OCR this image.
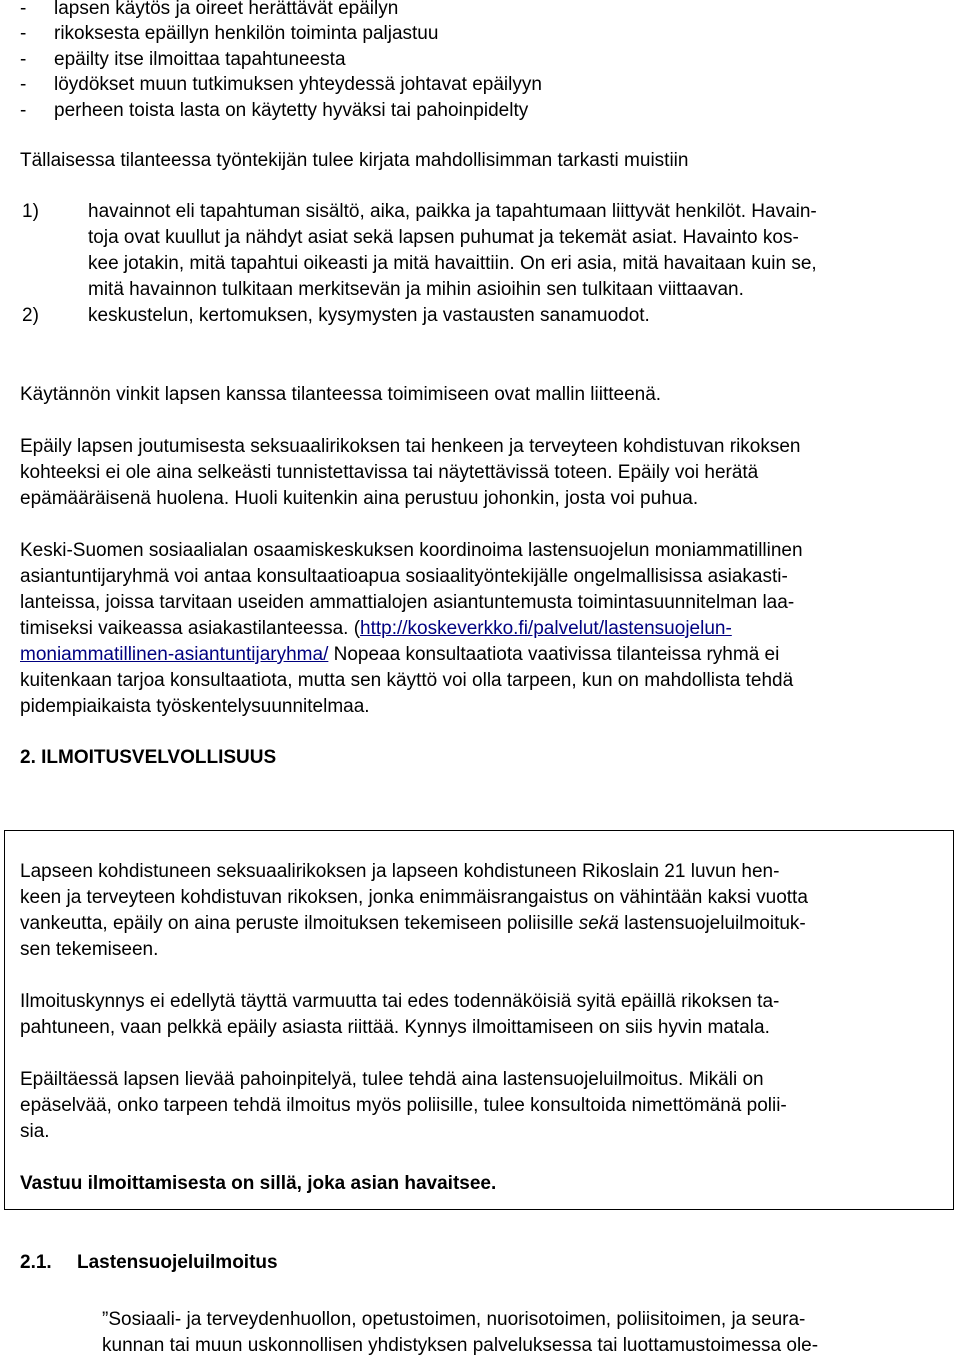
- lapsen käytös ja oireet herättävät epäilyn
- rikoksesta epäillyn henkilön toiminta paljastuu
- epäilty itse ilmoittaa tapahtuneesta
- löydökset muun tutkimuksen yhteydessä johtavat epäilyyn
- perheen toista lasta on käytetty hyväksi tai pahoinpidelty
Tällaisessa tilanteessa työntekijän tulee kirjata mahdollisimman tarkasti muistiin
1)	havainnot eli tapahtuman sisältö, aika, paikka ja tapahtumaan liittyvät henkilöt. Havain-
toja ovat kuullut ja nähdyt asiat sekä lapsen puhumat ja tekemät asiat. Havainto kos-
kee jotakin, mitä tapahtui oikeasti ja mitä havaittiin. On eri asia, mitä havaitaan kuin se,
mitä havainnon tulkitaan merkitsevän ja mihin asioihin sen tulkitaan viittaavan.
2)	keskustelun, kertomuksen, kysymysten ja vastausten sanamuodot.
Käytännön vinkit lapsen kanssa tilanteessa toimimiseen ovat mallin liitteenä.
Epäily lapsen joutumisesta seksuaalirikoksen tai henkeen ja terveyteen kohdistuvan rikoksen
kohteeksi ei ole aina selkeästi tunnistettavissa tai näytettävissä toteen. Epäily voi herätä
epämääräisenä huolena. Huoli kuitenkin aina perustuu johonkin, josta voi puhua.
Keski-Suomen sosiaalialan osaamiskeskuksen koordinoima lastensuojelun moniammatillinen
asiantuntijaryhmä voi antaa konsultaatioapua sosiaalityöntekijälle ongelmallisissa asiakasti-
lanteissa, joissa tarvitaan useiden ammattialojen asiantuntemusta toimintasuunnitelman laa-
timiseksi vaikeassa asiakastilanteessa. (http://koskeverkko.fi/palvelut/lastensuojelun-
moniammatillinen-asiantuntijaryhma/ Nopeaa konsultaatiota vaativissa tilanteissa ryhmä ei
kuitenkaan tarjoa konsultaatiota, mutta sen käyttö voi olla tarpeen, kun on mahdollista tehdä
pidempiaikaista työskentelysuunnitelmaa.
2. ILMOITUSVELVOLLISUUS
Lapseen kohdistuneen seksuaalirikoksen ja lapseen kohdistuneen Rikoslain 21 luvun hen-
keen ja terveyteen kohdistuvan rikoksen, jonka enimmäisrangaistus on vähintään kaksi vuotta
vankeutta, epäily on aina peruste ilmoituksen tekemiseen poliisille sekä lastensuojeluilmoituk-
sen tekemiseen.
Ilmoituskynnys ei edellytä täyttä varmuutta tai edes todennäköisiä syitä epäillä rikoksen ta-
pahtuneen, vaan pelkkä epäily asiasta riittää. Kynnys ilmoittamiseen on siis hyvin matala.
Epäiltäessä lapsen lievää pahoinpitelyä, tulee tehdä aina lastensuojeluilmoitus. Mikäli on
epäselvää, onko tarpeen tehdä ilmoitus myös poliisille, tulee konsultoida nimettömänä polii-
sia.
Vastuu ilmoittamisesta on sillä, joka asian havaitsee.
2.1. Lastensuojeluilmoitus
”Sosiaali- ja terveydenhuollon, opetustoimen, nuorisotoimen, poliisitoimen, ja seura-
kunnan tai muun uskonnollisen yhdistyksen palveluksessa tai luottamustoimessa ole-
